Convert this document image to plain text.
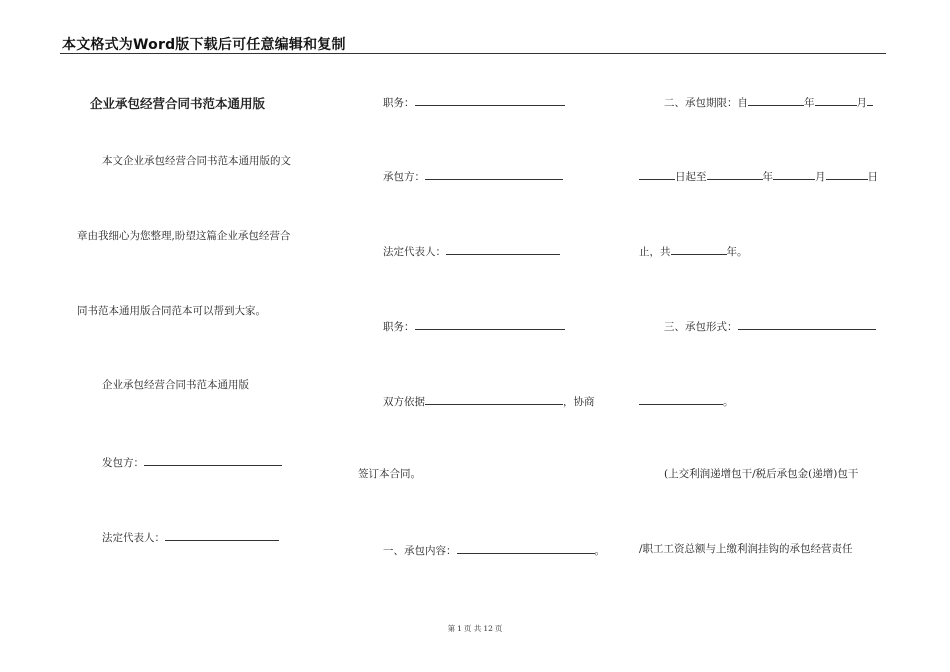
本文格式为Word版下载后可任意编辑和复制
企业承包经营合同书范本通用版
本文企业承包经营合同书范本通用版的文
章由我细心为您整理,盼望这篇企业承包经营合
同书范本通用版合同范本可以帮到大家。
企业承包经营合同书范本通用版
发包方：
法定代表人：
职务：
承包方：
法定代表人：
职务：
双方依据	，协商
签订本合同。
一、承包内容：	。
二、承包期限：自	年	月
日起至	年	月	日
止，共	年。
三、承包形式：
。
(上交利润递增包干/税后承包金(递增)包干
/职工工资总额与上缴利润挂钩的承包经营责任
第 1 页 共 12 页
